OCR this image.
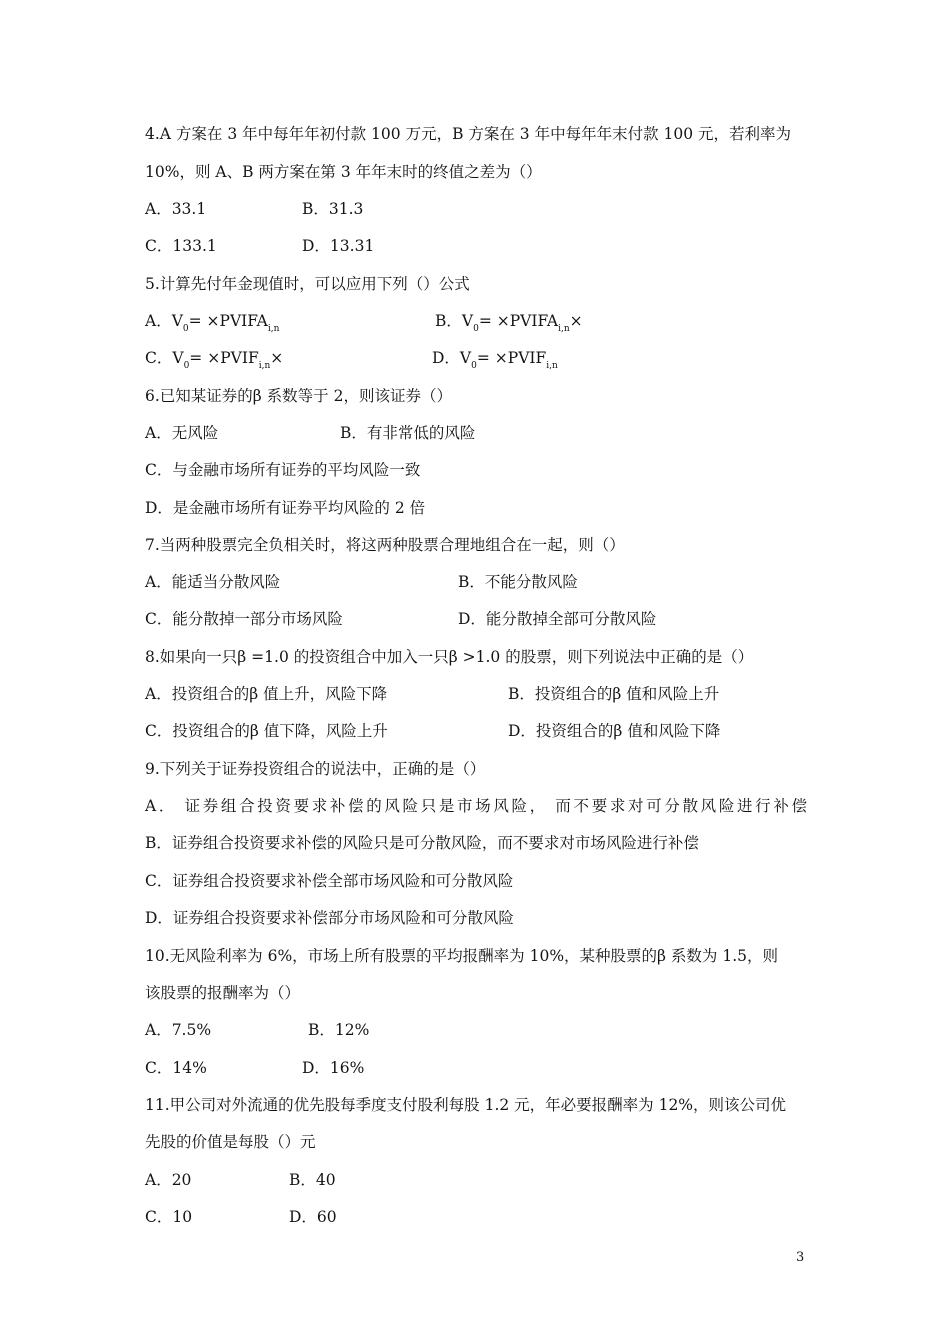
4.A 方案在 3 年中每年年初付款 100 万元，B 方案在 3 年中每年年末付款 100 元，若利率为
10%，则 A、B 两方案在第 3 年年末时的终值之差为（）
A．33.1	B．31.3
C．133.1	D．13.31
5.计算先付年金现值时，可以应用下列（）公式
A．$V_0=$ $\times PVIFA_{i,n}$	B．$V_0=$ $\times PVIFA_{i,n}\times$
C．$V_0=$ $\times PVIF_{i,n}\times$	D．$V_0=$ $\times PVIF_{i,n}$
6.已知某证券的β 系数等于 2，则该证券（）
A．无风险	B．有非常低的风险
C．与金融市场所有证券的平均风险一致
D．是金融市场所有证券平均风险的 2 倍
7.当两种股票完全负相关时，将这两种股票合理地组合在一起，则（）
A．能适当分散风险	B．不能分散风险
C．能分散掉一部分市场风险	D．能分散掉全部可分散风险
8.如果向一只β =1.0 的投资组合中加入一只β >1.0 的股票，则下列说法中正确的是（）
A．投资组合的β 值上升，风险下降	B．投资组合的β 值和风险上升
C．投资组合的β 值下降，风险上升	D．投资组合的β 值和风险下降
9.下列关于证券投资组合的说法中，正确的是（）
A． 证券组合投资要求补偿的风险只是市场风险， 而不要求对可分散风险进行补偿
B．证券组合投资要求补偿的风险只是可分散风险，而不要求对市场风险进行补偿
C．证券组合投资要求补偿全部市场风险和可分散风险
D．证券组合投资要求补偿部分市场风险和可分散风险
10.无风险利率为 6%，市场上所有股票的平均报酬率为 10%，某种股票的β 系数为 1.5，则
该股票的报酬率为（）
A．7.5%	B．12%
C．14%	D．16%
11.甲公司对外流通的优先股每季度支付股利每股 1.2 元，年必要报酬率为 12%，则该公司优
先股的价值是每股（）元
A．20	B．40
C．10	D．60
3
